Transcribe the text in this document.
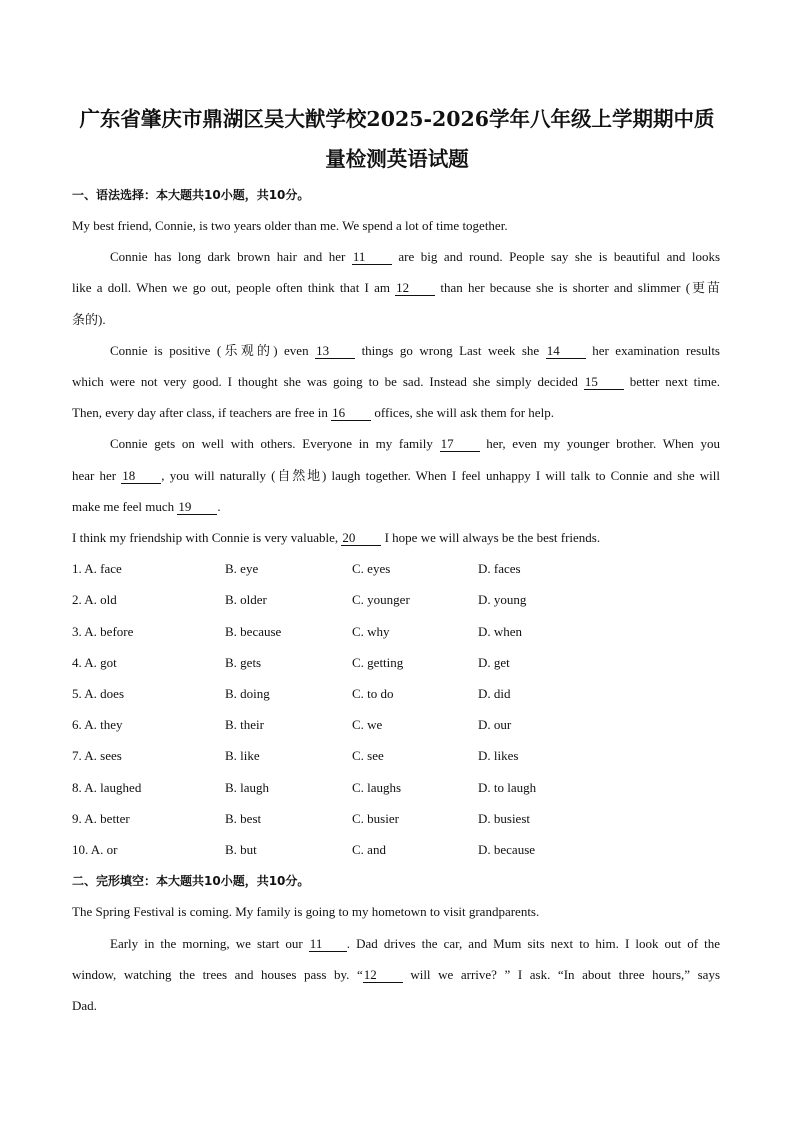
广东省肇庆市鼎湖区吴大猷学校2025-2026学年八年级上学期期中质
量检测英语试题
一、语法选择：本大题共10小题，共10分。
My best friend, Connie, is two years older than me. We spend a lot of time together.
Connie has long dark brown hair and her 11 are big and round. People say she is beautiful and looks
like a doll. When we go out, people often think that I am 12 than her because she is shorter and slimmer (更苗
条的).
Connie is positive (乐观的) even 13 things go wrong Last week she 14 her examination results
which were not very good. I thought she was going to be sad. Instead she simply decided 15 better next time.
Then, every day after class, if teachers are free in 16 offices, she will ask them for help.
Connie gets on well with others. Everyone in my family 17 her, even my younger brother. When you
hear her 18 , you will naturally (自然地) laugh together. When I feel unhappy I will talk to Connie and she will
make me feel much 19 .
I think my friendship with Connie is very valuable, 20 I hope we will always be the best friends.
1. A. face	B. eye	C. eyes	D. faces
2. A. old	B. older	C. younger	D. young
3. A. before	B. because	C. why	D. when
4. A. got	B. gets	C. getting	D. get
5. A. does	B. doing	C. to do	D. did
6. A. they	B. their	C. we	D. our
7. A. sees	B. like	C. see	D. likes
8. A. laughed	B. laugh	C. laughs	D. to laugh
9. A. better	B. best	C. busier	D. busiest
10. A. or	B. but	C. and	D. because
二、完形填空：本大题共10小题，共10分。
The Spring Festival is coming. My family is going to my hometown to visit grandparents.
Early in the morning, we start our 11 . Dad drives the car, and Mum sits next to him. I look out of the
window, watching the trees and houses pass by. “12 will we arrive? ” I ask. “In about three hours,” says
Dad.
